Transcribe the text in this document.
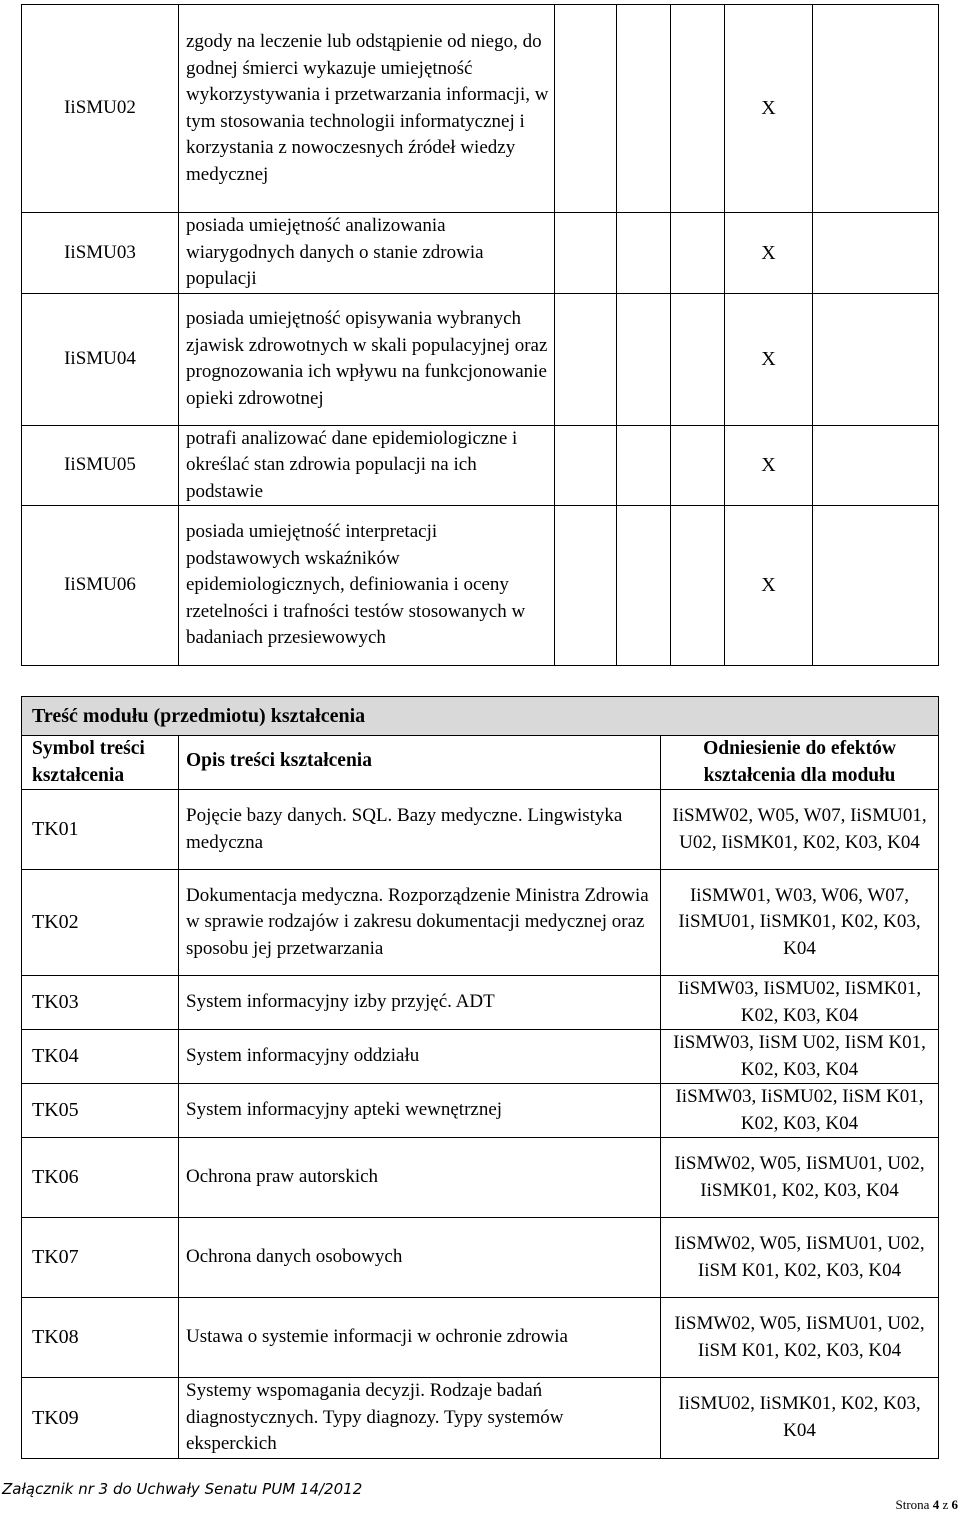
IiSMU02	zgody na leczenie lub odstąpienie od niego, do godnej śmierci wykazuje umiejętność wykorzystywania i przetwarzania informacji, w tym stosowania technologii informatycznej i korzystania z nowoczesnych źródeł wiedzy medycznej				X	
IiSMU03	posiada umiejętność analizowania wiarygodnych danych o stanie zdrowia populacji				X	
IiSMU04	posiada umiejętność opisywania wybranych zjawisk zdrowotnych w skali populacyjnej oraz prognozowania ich wpływu na funkcjonowanie opieki zdrowotnej				X	
IiSMU05	potrafi analizować dane epidemiologiczne i określać stan zdrowia populacji na ich podstawie				X	
IiSMU06	posiada umiejętność interpretacji podstawowych wskaźników epidemiologicznych, definiowania i oceny rzetelności i trafności testów stosowanych w badaniach przesiewowych				X	
Treść modułu (przedmiotu) kształcenia		
Symbol treści kształcenia	Opis treści kształcenia	Odniesienie do efektów kształcenia dla modułu
TK01	Pojęcie bazy danych. SQL. Bazy medyczne. Lingwistyka medyczna	IiSMW02, W05, W07, IiSMU01, U02, IiSMK01, K02, K03, K04
TK02	Dokumentacja medyczna. Rozporządzenie Ministra Zdrowia w sprawie rodzajów i zakresu dokumentacji medycznej oraz sposobu jej przetwarzania	IiSMW01, W03, W06, W07, IiSMU01, IiSMK01, K02, K03, K04
TK03	System informacyjny izby przyjęć. ADT	IiSMW03, IiSMU02, IiSMK01, K02, K03, K04
TK04	System informacyjny oddziału	IiSMW03, IiSM U02, IiSM K01, K02, K03, K04
TK05	System informacyjny apteki wewnętrznej	IiSMW03, IiSMU02, IiSM K01, K02, K03, K04
TK06	Ochrona praw autorskich	IiSMW02, W05, IiSMU01, U02, IiSMK01, K02, K03, K04
TK07	Ochrona danych osobowych	IiSMW02, W05, IiSMU01, U02, IiSM K01, K02, K03, K04
TK08	Ustawa o systemie informacji w ochronie zdrowia	IiSMW02, W05, IiSMU01, U02, IiSM K01, K02, K03, K04
TK09	Systemy wspomagania decyzji. Rodzaje badań diagnostycznych. Typy diagnozy. Typy systemów eksperckich	IiSMU02, IiSMK01, K02, K03, K04
Załącznik nr 3 do Uchwały Senatu PUM 14/2012
Strona 4 z 6
